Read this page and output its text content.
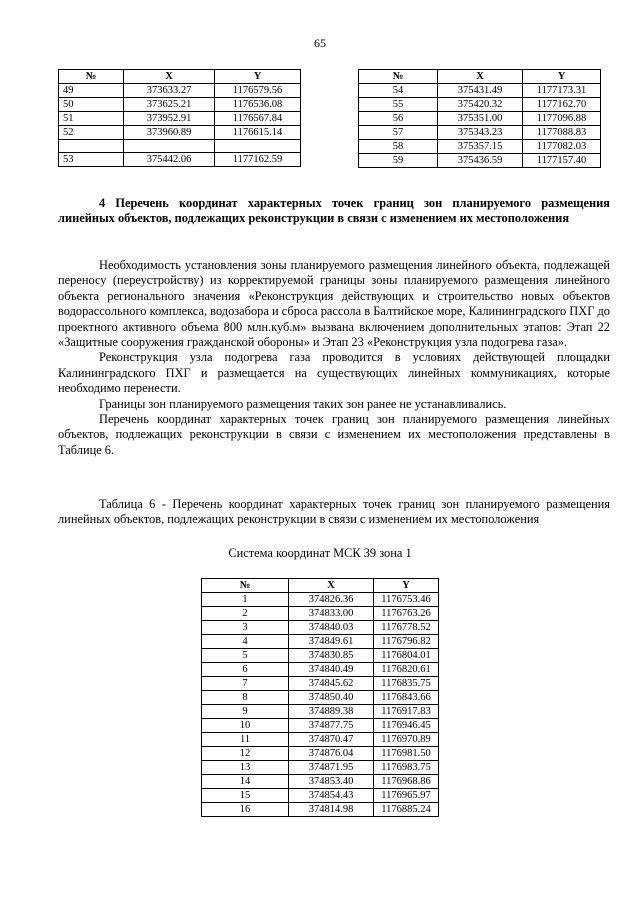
65
№	X	Y
49	373633.27	1176579.56
50	373625.21	1176536.08
51	373952.91	1176567.84
52	373960.89	1176615.14

53	375442.06	1177162.59
№	X	Y
54	375431.49	1177173.31
55	375420.32	1177162.70
56	375351.00	1177096.88
57	375343.23	1177088.83
58	375357.15	1177082.03
59	375436.59	1177157.40

4 Перечень координат характерных точек границ зон планируемого размещения линейных объектов, подлежащих реконструкции в связи с изменением их местоположения

Необходимость установления зоны планируемого размещения линейного объекта, подлежащей переносу (переустройству) из корректируемой границы зоны планируемого размещения линейного объекта регионального значения «Реконструкция действующих и строительство новых объектов водорассольного комплекса, водозабора и сброса рассола в Балтийское море, Калининградского ПХГ до проектного активного объема 800 млн.куб.м» вызвана включением дополнительных этапов: Этап 22 «Защитные сооружения гражданской обороны» и Этап 23 «Реконструкция узла подогрева газа».

Реконструкция узла подогрева газа проводится в условиях действующей площадки Калининградского ПХГ и размещается на существующих линейных коммуникациях, которые необходимо перенести.

Границы зон планируемого размещения таких зон ранее не устанавливались.

Перечень координат характерных точек границ зон планируемого размещения линейных объектов, подлежащих реконструкции в связи с изменением их местоположения представлены в Таблице 6.

Таблица 6 - Перечень координат характерных точек границ зон планируемого размещения линейных объектов, подлежащих реконструкции в связи с изменением их местоположения

Система координат МСК 39 зона 1
№	X	Y
1	374826.36	1176753.46
2	374833.00	1176763.26
3	374840.03	1176778.52
4	374849.61	1176796.82
5	374830.85	1176804.01
6	374840.49	1176820.61
7	374845.62	1176835.75
8	374850.40	1176843.66
9	374889.38	1176917.83
10	374877.75	1176946.45
11	374870.47	1176970.89
12	374876.04	1176981.50
13	374871.95	1176983.75
14	374853.40	1176968.86
15	374854.43	1176965.97
16	374814.98	1176885.24
